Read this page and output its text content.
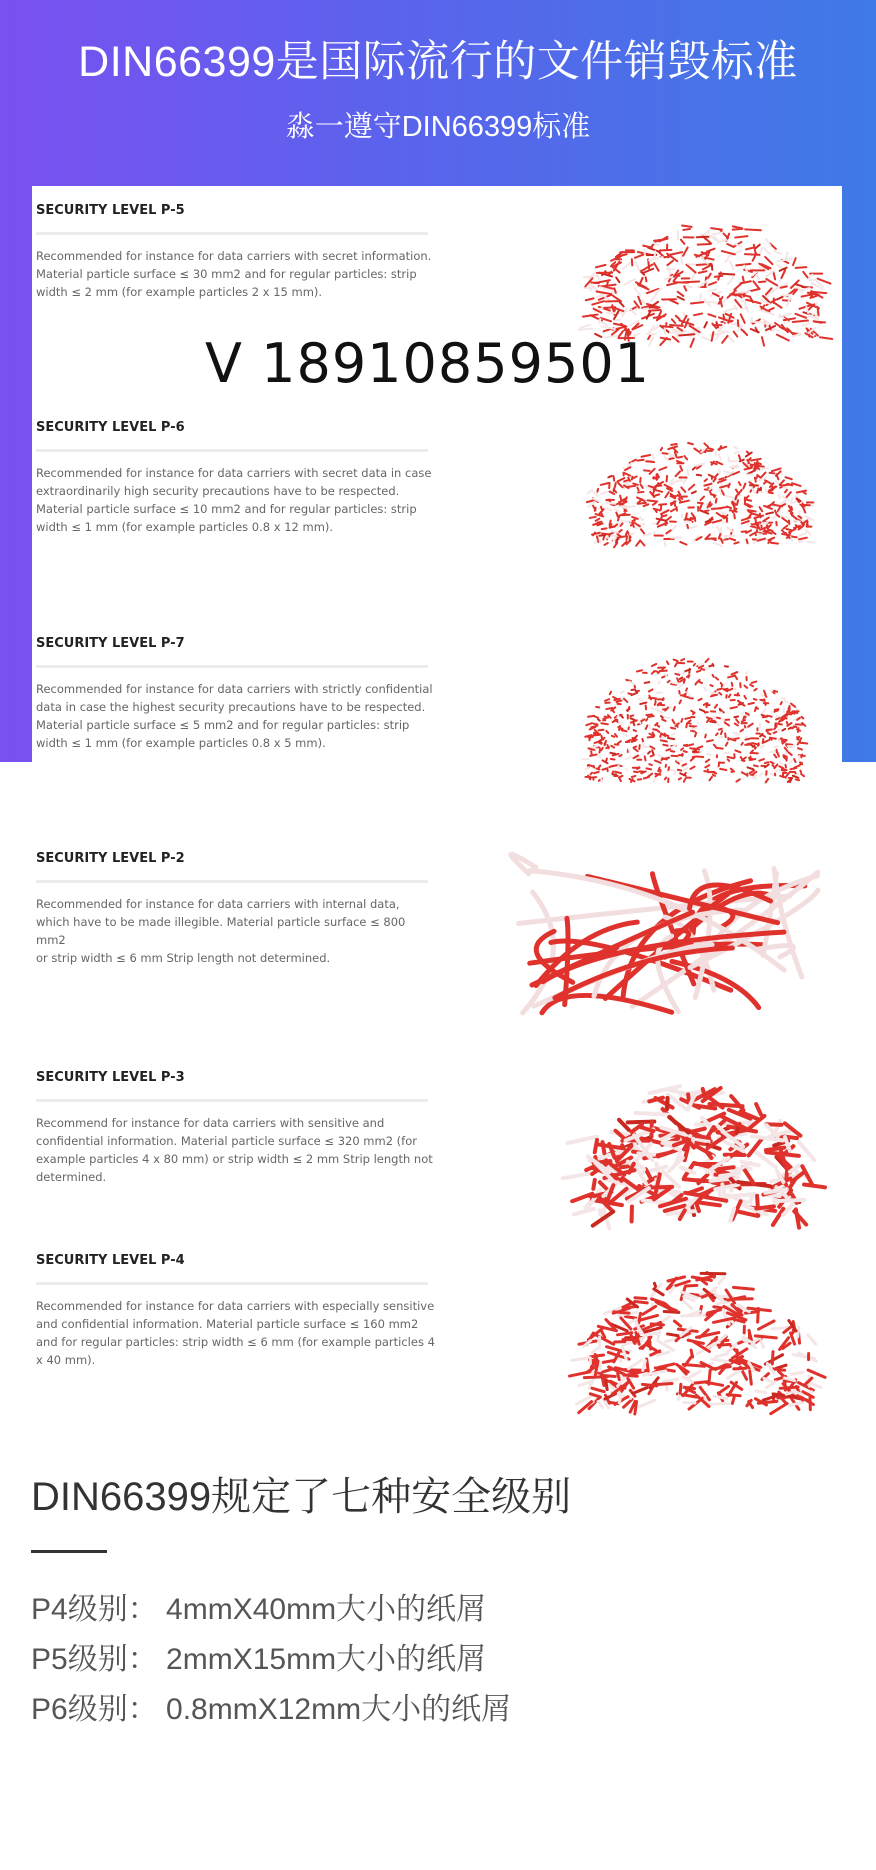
DIN66399是国际流行的文件销毁标准
淼一遵守DIN66399标准
SECURITY LEVEL P-5

Recommended for instance for data carriers with secret information.
Material particle surface ≤ 30 mm2 and for regular particles: strip
width ≤ 2 mm (for example particles 2 x 15 mm).

SECURITY LEVEL P-6

Recommended for instance for data carriers with secret data in case
extraordinarily high security precautions have to be respected.
Material particle surface ≤ 10 mm2 and for regular particles: strip
width ≤ 1 mm (for example particles 0.8 x 12 mm).

SECURITY LEVEL P-7

Recommended for instance for data carriers with strictly confidential
data in case the highest security precautions have to be respected.
Material particle surface ≤ 5 mm2 and for regular particles: strip
width ≤ 1 mm (for example particles 0.8 x 5 mm).

SECURITY LEVEL P-2

Recommended for instance for data carriers with internal data,
which have to be made illegible. Material particle surface ≤ 800 mm2
or strip width ≤ 6 mm Strip length not determined.

SECURITY LEVEL P-3

Recommend for instance for data carriers with sensitive and
confidential information. Material particle surface ≤ 320 mm2 (for
example particles 4 x 80 mm) or strip width ≤ 2 mm Strip length not
determined.

SECURITY LEVEL P-4

Recommended for instance for data carriers with especially sensitive
and confidential information. Material particle surface ≤ 160 mm2
and for regular particles: strip width ≤ 6 mm (for example particles 4
x 40 mm).

V 18910859501
DIN66399规定了七种安全级别
P4级别： 4mmX40mm大小的纸屑
P5级别： 2mmX15mm大小的纸屑
P6级别： 0.8mmX12mm大小的纸屑
